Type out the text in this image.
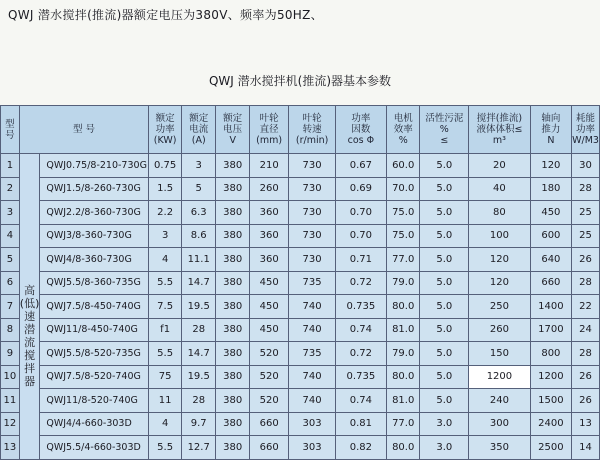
QWJ 潜水搅拌(推流)器额定电压为380V、频率为50HZ、
QWJ 潜水搅拌机(推流)器基本参数
型
号	型 号		额定
功率
(KW)	额定
电流
(A)	额定
电压
V	叶轮
直径
(mm)	叶轮
转速
(r/min)	功率
因数
cos Φ	电机
效率
%	活性污泥
%
≤	搅拌(推流)
液体体积≤
m³	轴向
推力
N	耗能
功率
W/M3

1	高(低)速潜流搅拌器	QWJ0.75/8-210-730G	0.75	3	380	210	730	0.67	60.0	5.0	20	120	30
2		QWJ1.5/8-260-730G	1.5	5	380	260	730	0.69	70.0	5.0	40	180	28
3		QWJ2.2/8-360-730G	2.2	6.3	380	360	730	0.70	75.0	5.0	80	450	25
4		QWJ3/8-360-730G	3	8.6	380	360	730	0.70	75.0	5.0	100	600	25
5		QWJ4/8-360-730G	4	11.1	380	360	730	0.71	77.0	5.0	120	640	26
6		QWJ5.5/8-360-735G	5.5	14.7	380	450	735	0.72	79.0	5.0	120	660	28
7		QWJ7.5/8-450-740G	7.5	19.5	380	450	740	0.735	80.0	5.0	250	1400	22
8		QWJ11/8-450-740G	f1	28	380	450	740	0.74	81.0	5.0	260	1700	24
9		QWJ5.5/8-520-735G	5.5	14.7	380	520	735	0.72	79.0	5.0	150	800	28
10		QWJ7.5/8-520-740G	75	19.5	380	520	740	0.735	80.0	5.0	1200	1200	26
11		QWJ11/8-520-740G	11	28	380	520	740	0.74	81.0	5.0	240	1500	26
12		QWJ4/4-660-303D	4	9.7	380	660	303	0.81	77.0	3.0	300	2400	13
13		QWJ5.5/4-660-303D	5.5	12.7	380	660	303	0.82	80.0	3.0	350	2500	14
